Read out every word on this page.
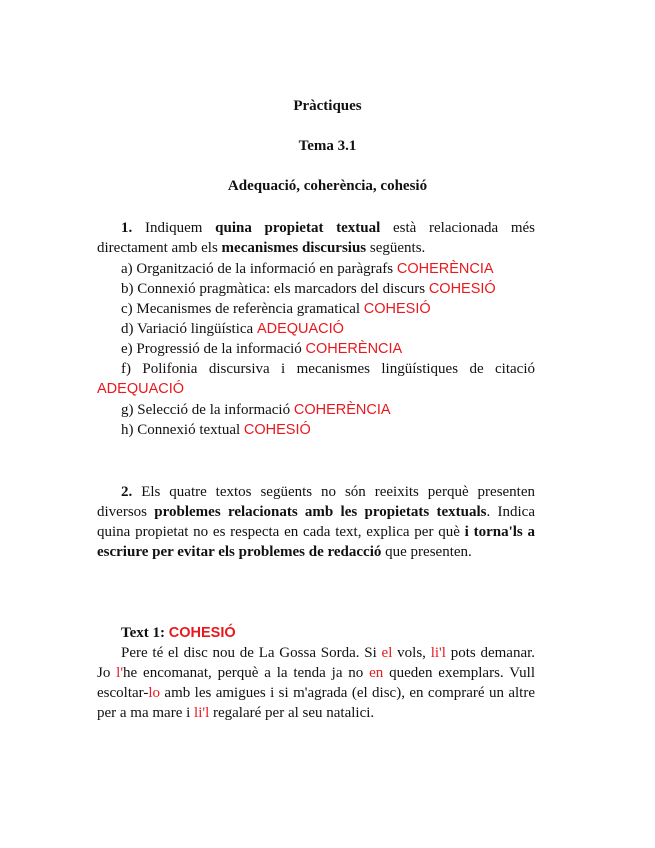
Pràctiques
Tema 3.1
Adequació, coherència, cohesió
1. Indiquem quina propietat textual està relacionada més directament amb els mecanismes discursius següents.
a) Organització de la informació en paràgrafs COHERÈNCIA
b) Connexió pragmàtica: els marcadors del discurs COHESIÓ
c) Mecanismes de referència gramatical COHESIÓ
d) Variació lingüística ADEQUACIÓ
e) Progressió de la informació COHERÈNCIA
f) Polifonia discursiva i mecanismes lingüístiques de citació ADEQUACIÓ
g) Selecció de la informació COHERÈNCIA
h) Connexió textual COHESIÓ
2. Els quatre textos següents no són reeixits perquè presenten diversos problemes relacionats amb les propietats textuals. Indica quina propietat no es respecta en cada text, explica per què i torna'ls a escriure per evitar els problemes de redacció que presenten.
Text 1: COHESIÓ
Pere té el disc nou de La Gossa Sorda. Si el vols, li'l pots demanar. Jo l'he encomanat, perquè a la tenda ja no en queden exemplars. Vull escoltar-lo amb les amigues i si m'agrada (el disc), en compraré un altre per a ma mare i li'l regalaré per al seu natalici.
